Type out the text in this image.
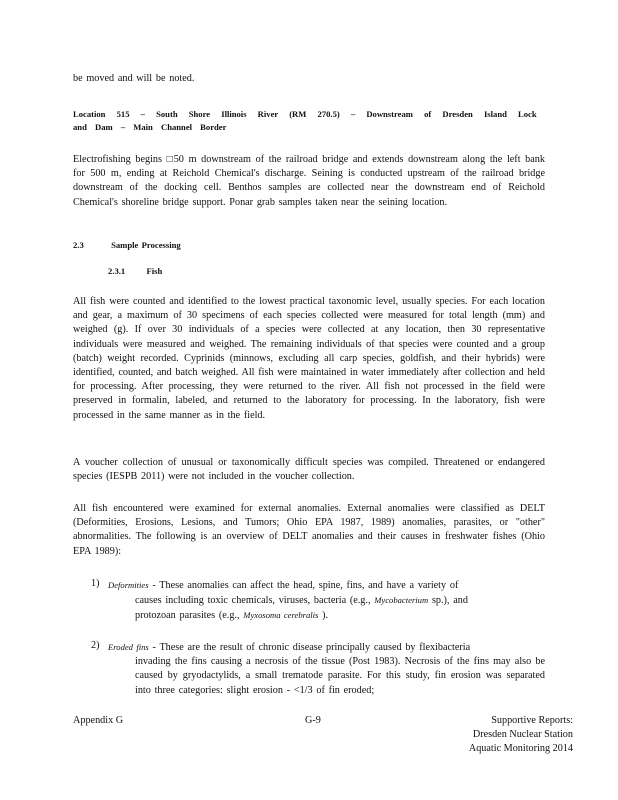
be moved and will be noted.
Location 515 – South Shore Illinois River (RM 270.5) – Downstream of Dresden Island Lock
and Dam – Main Channel Border
Electrofishing begins □50 m downstream of the railroad bridge and extends downstream along the left bank for 500 m, ending at Reichold Chemical's discharge. Seining is conducted upstream of the railroad bridge downstream of the docking cell. Benthos samples are collected near the downstream end of Reichold Chemical's shoreline bridge support. Ponar grab samples taken near the seining location.
2.3	Sample Processing
2.3.1 Fish
All fish were counted and identified to the lowest practical taxonomic level, usually species. For each location and gear, a maximum of 30 specimens of each species collected were measured for total length (mm) and weighed (g). If over 30 individuals of a species were collected at any location, then 30 representative individuals were measured and weighed. The remaining individuals of that species were counted and a group (batch) weight recorded. Cyprinids (minnows, excluding all carp species, goldfish, and their hybrids) were identified, counted, and batch weighed. All fish were maintained in water immediately after collection and held for processing. After processing, they were returned to the river. All fish not processed in the field were preserved in formalin, labeled, and returned to the laboratory for processing. In the laboratory, fish were processed in the same manner as in the field.
A voucher collection of unusual or taxonomically difficult species was compiled. Threatened or endangered species (IESPB 2011) were not included in the voucher collection.
All fish encountered were examined for external anomalies. External anomalies were classified as DELT (Deformities, Erosions, Lesions, and Tumors; Ohio EPA 1987, 1989) anomalies, parasites, or "other" abnormalities. The following is an overview of DELT anomalies and their causes in freshwater fishes (Ohio EPA 1989):
1) Deformities - These anomalies can affect the head, spine, fins, and have a variety of
causes including toxic chemicals, viruses, bacteria (e.g., Mycobacterium sp.), and
protozoan parasites (e.g., Myxosoma cerebralis ).
2) Eroded fins - These are the result of chronic disease principally caused by flexibacteria
invading the fins causing a necrosis of the tissue (Post 1983). Necrosis of the fins may also be caused by gryodactylids, a small trematode parasite. For this study, fin erosion was separated into three categories: slight erosion - <1/3 of fin eroded;
Appendix G	G-9	Supportive Reports:
Dresden Nuclear Station
Aquatic Monitoring 2014
